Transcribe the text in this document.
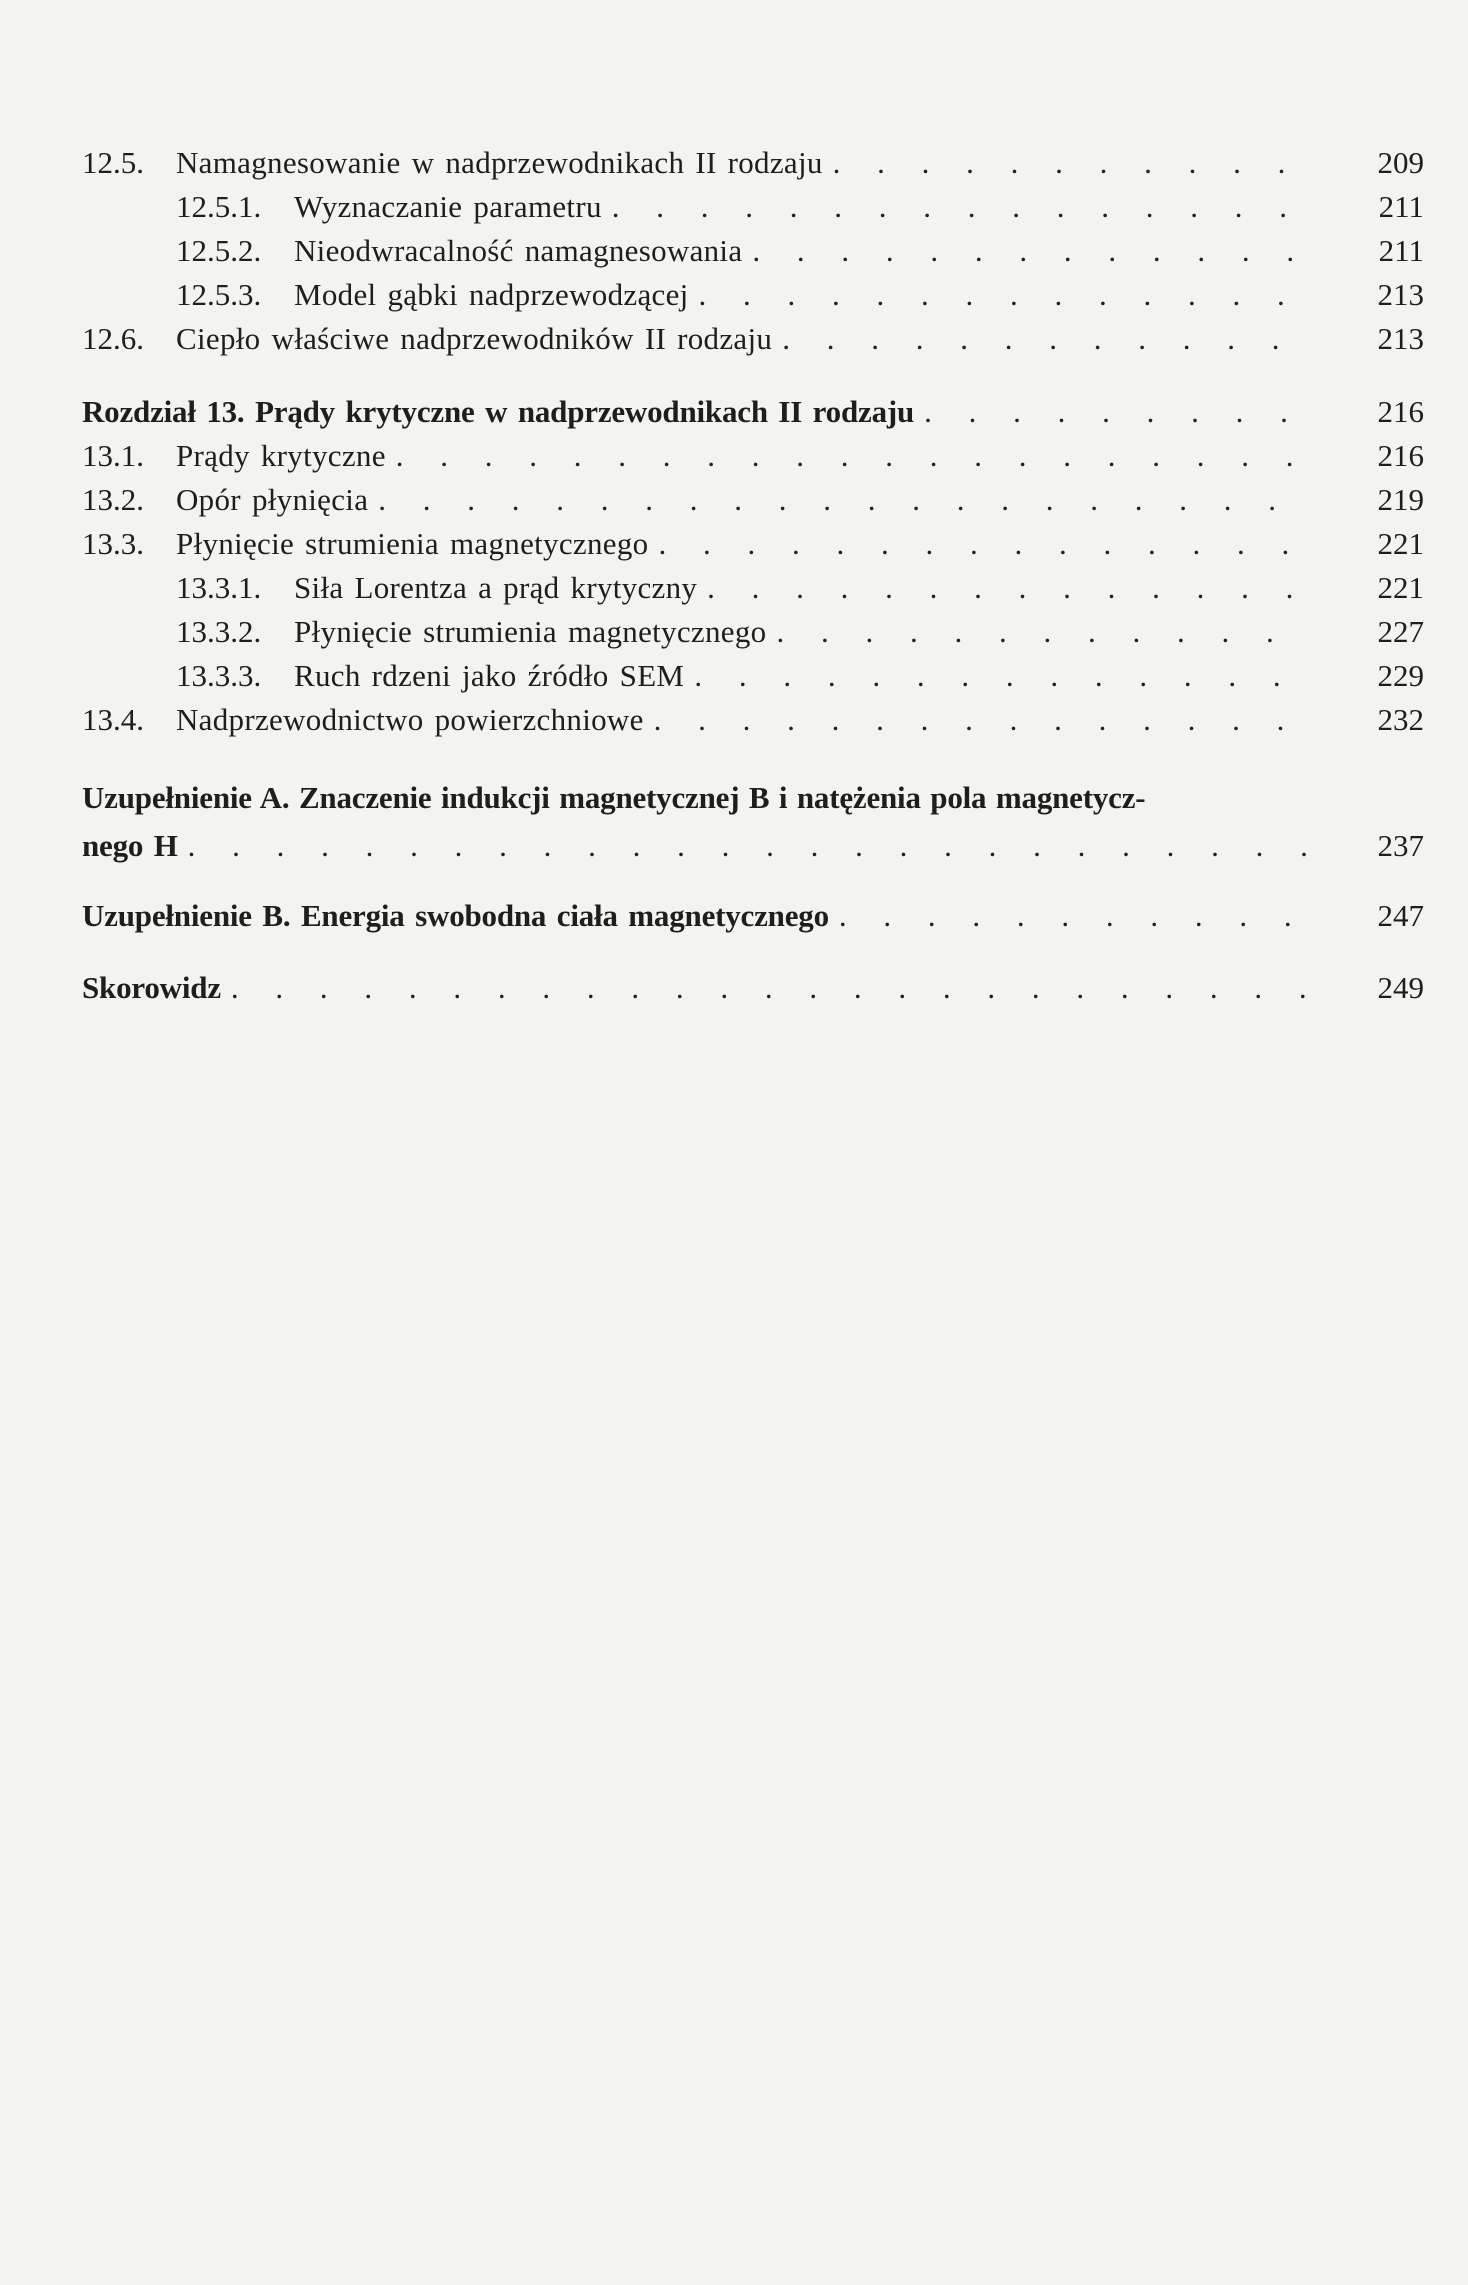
12.5.	Namagnesowanie w nadprzewodnikach II rodzaju . . .	209
12.5.1.	Wyznaczanie parametru . . .	211
12.5.2.	Nieodwracalność namagnesowania . . .	211
12.5.3.	Model gąbki nadprzewodzącej . . .	213
12.6.	Ciepło właściwe nadprzewodników II rodzaju . . .	213
Rozdział 13. Prądy krytyczne w nadprzewodnikach II rodzaju . . .	216
13.1.	Prądy krytyczne . . .	216
13.2.	Opór płynięcia . . .	219
13.3.	Płynięcie strumienia magnetycznego . . .	221
13.3.1.	Siła Lorentza a prąd krytyczny . . .	221
13.3.2.	Płynięcie strumienia magnetycznego . . .	227
13.3.3.	Ruch rdzeni jako źródło SEM . . .	229
13.4.	Nadprzewodnictwo powierzchniowe . . .	232
Uzupełnienie A. Znaczenie indukcji magnetycznej B i natężenia pola magnetycz-
nego H . . .	237
Uzupełnienie B. Energia swobodna ciała magnetycznego . . .	247
Skorowidz . . .	249
